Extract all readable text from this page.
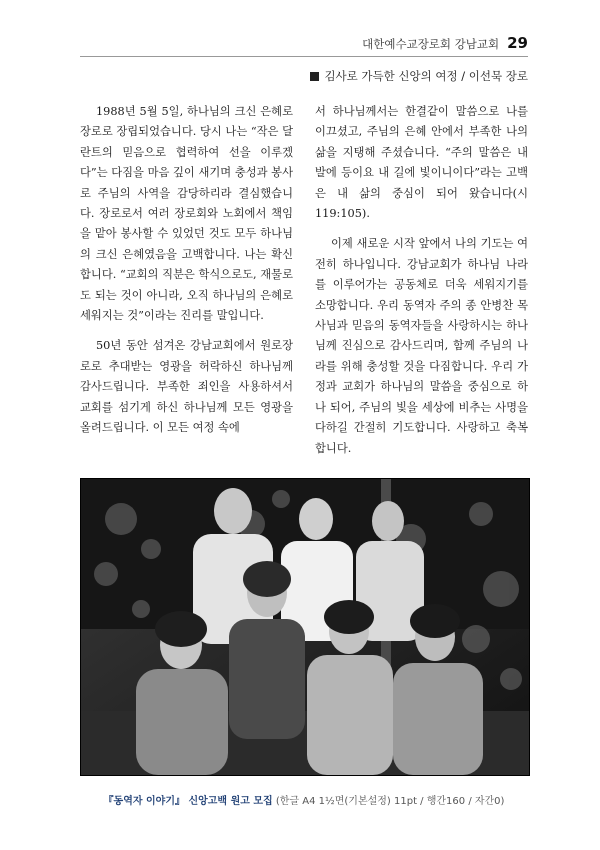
대한예수교장로회 강남교회 29
김사로 가득한 신앙의 여정 / 이선묵 장로

1988년 5월 5일, 하나님의 크신 은혜로 장로로 장립되었습니다. 당시 나는 “작은 달란트의 믿음으로 협력하여 선을 이루겠다”는 다짐을 마음 깊이 새기며 충성과 봉사로 주님의 사역을 감당하리라 결심했습니다. 장로로서 여러 장로회와 노회에서 책임을 맡아 봉사할 수 있었던 것도 모두 하나님의 크신 은혜였음을 고백합니다. 나는 확신합니다. “교회의 직분은 학식으로도, 재물로도 되는 것이 아니라, 오직 하나님의 은혜로 세워지는 것”이라는 진리를 말입니다.

50년 동안 섬겨온 강남교회에서 원로장로로 추대받는 영광을 허락하신 하나님께 감사드립니다. 부족한 죄인을 사용하셔서 교회를 섬기게 하신 하나님께 모든 영광을 올려드립니다. 이 모든 여정 속에

서 하나님께서는 한결같이 말씀으로 나를 이끄셨고, 주님의 은혜 안에서 부족한 나의 삶을 지탱해 주셨습니다. “주의 말씀은 내 발에 등이요 내 길에 빛이니이다”라는 고백은 내 삶의 중심이 되어 왔습니다(시119:105).

이제 새로운 시작 앞에서 나의 기도는 여전히 하나입니다. 강남교회가 하나님 나라를 이루어가는 공동체로 더욱 세워지기를 소망합니다. 우리 동역자 주의 종 안병찬 목사님과 믿음의 동역자들을 사랑하시는 하나님께 진심으로 감사드리며, 함께 주님의 나라를 위해 충성할 것을 다짐합니다. 우리 가정과 교회가 하나님의 말씀을 중심으로 하나 되어, 주님의 빛을 세상에 비추는 사명을 다하길 간절히 기도합니다. 사랑하고 축복합니다.

『동역자 이야기』 신앙고백 원고 모집 (한글 A4 1½면(기본설정) 11pt / 행간160 / 자간0)
